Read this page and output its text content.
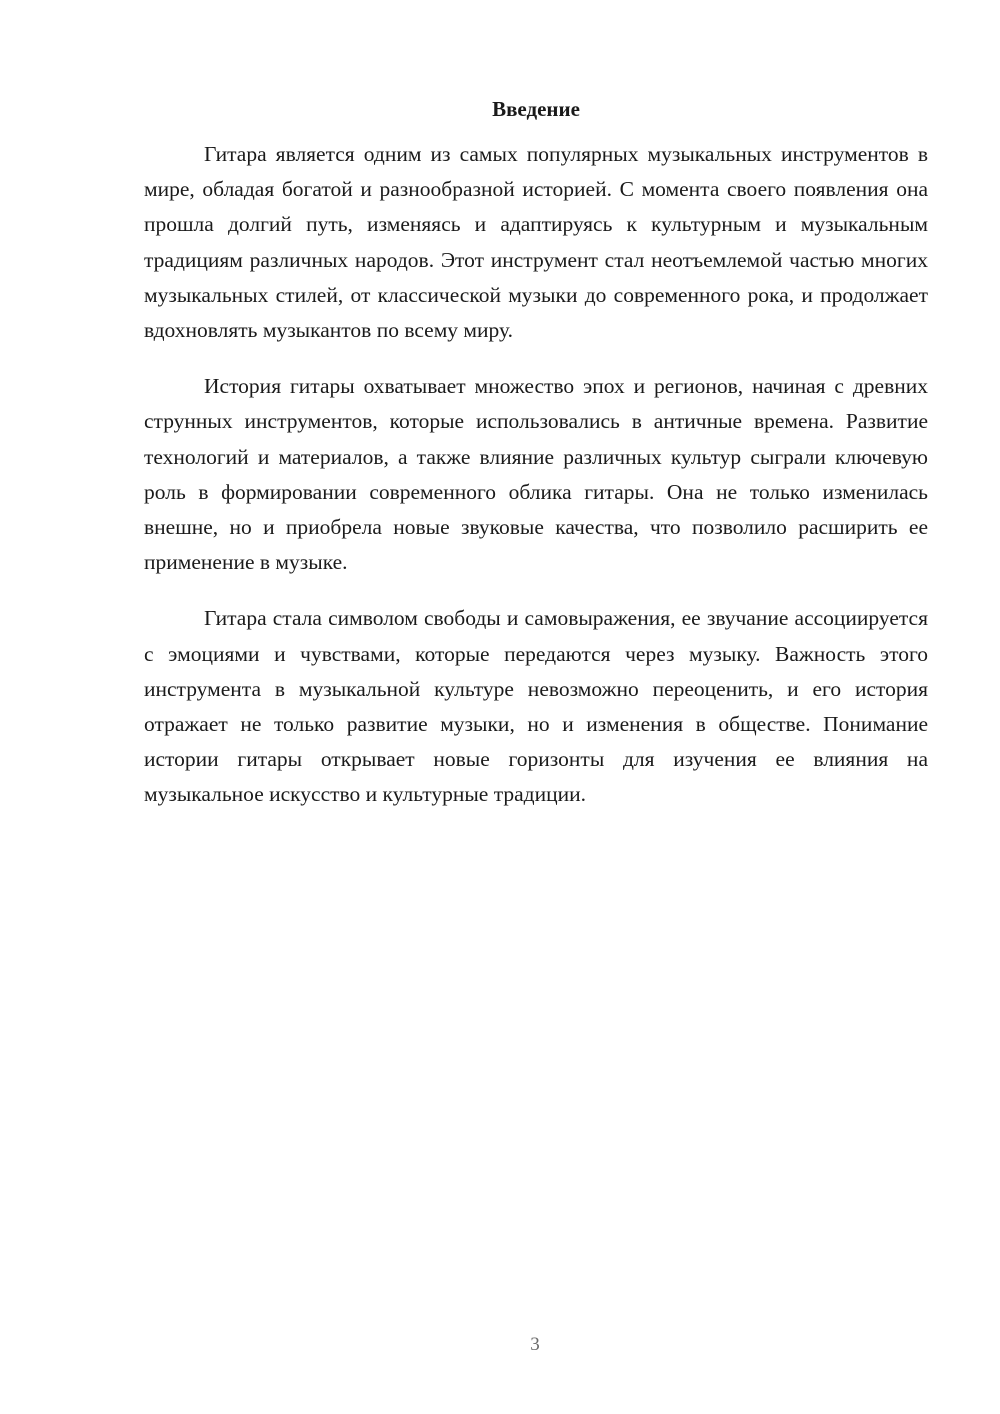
Введение

Гитара является одним из самых популярных музыкальных инструментов в мире, обладая богатой и разнообразной историей. С момента своего появления она прошла долгий путь, изменяясь и адаптируясь к культурным и музыкальным традициям различных народов. Этот инструмент стал неотъемлемой частью многих музыкальных стилей, от классической музыки до современного рока, и продолжает вдохновлять музыкантов по всему миру.

История гитары охватывает множество эпох и регионов, начиная с древних струнных инструментов, которые использовались в античные времена. Развитие технологий и материалов, а также влияние различных культур сыграли ключевую роль в формировании современного облика гитары. Она не только изменилась внешне, но и приобрела новые звуковые качества, что позволило расширить ее применение в музыке.

Гитара стала символом свободы и самовыражения, ее звучание ассоциируется с эмоциями и чувствами, которые передаются через музыку. Важность этого инструмента в музыкальной культуре невозможно переоценить, и его история отражает не только развитие музыки, но и изменения в обществе. Понимание истории гитары открывает новые горизонты для изучения ее влияния на музыкальное искусство и культурные традиции.

3
